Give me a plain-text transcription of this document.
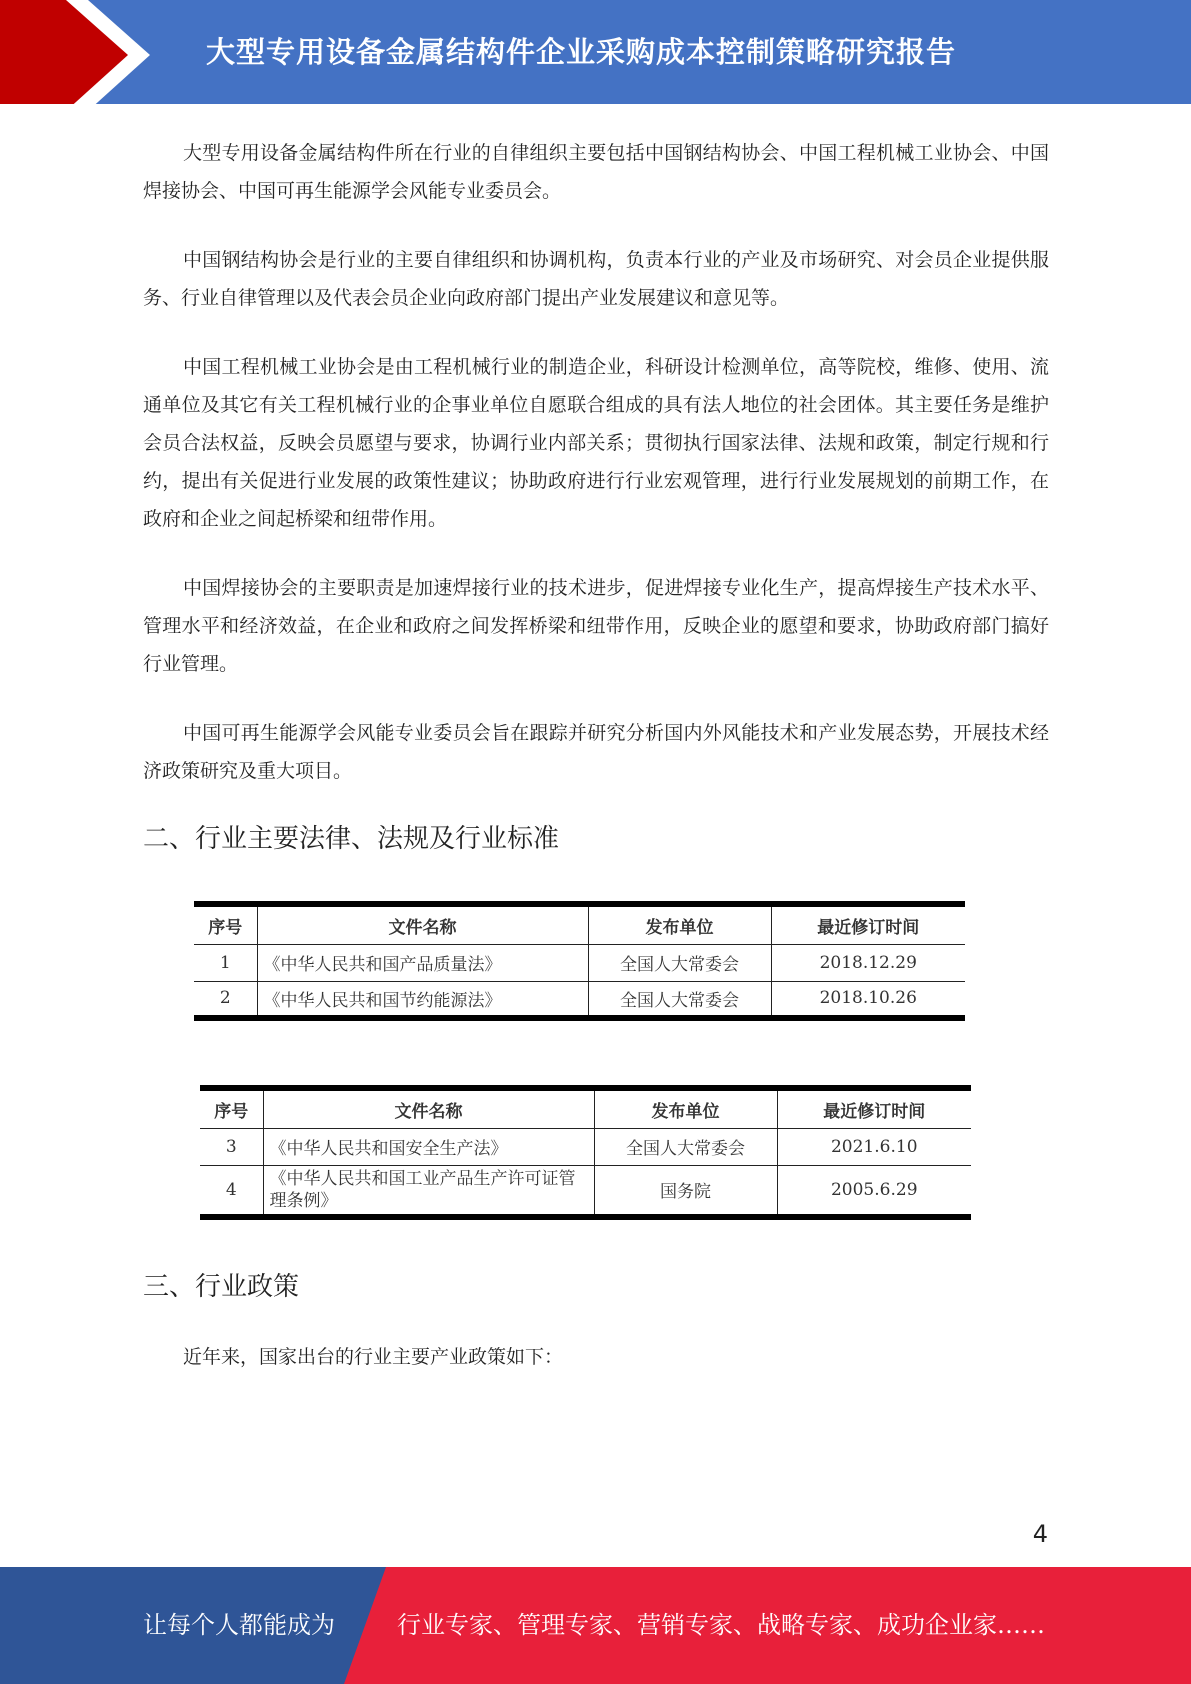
大型专用设备金属结构件企业采购成本控制策略研究报告

大型专用设备金属结构件所在行业的自律组织主要包括中国钢结构协会、中国工程机械工业协会、中国焊接协会、中国可再生能源学会风能专业委员会。

中国钢结构协会是行业的主要自律组织和协调机构，负责本行业的产业及市场研究、对会员企业提供服务、行业自律管理以及代表会员企业向政府部门提出产业发展建议和意见等。

中国工程机械工业协会是由工程机械行业的制造企业，科研设计检测单位，高等院校，维修、使用、流通单位及其它有关工程机械行业的企事业单位自愿联合组成的具有法人地位的社会团体。其主要任务是维护会员合法权益，反映会员愿望与要求，协调行业内部关系；贯彻执行国家法律、法规和政策，制定行规和行约，提出有关促进行业发展的政策性建议；协助政府进行行业宏观管理，进行行业发展规划的前期工作，在政府和企业之间起桥梁和纽带作用。

中国焊接协会的主要职责是加速焊接行业的技术进步，促进焊接专业化生产，提高焊接生产技术水平、管理水平和经济效益，在企业和政府之间发挥桥梁和纽带作用，反映企业的愿望和要求，协助政府部门搞好行业管理。

中国可再生能源学会风能专业委员会旨在跟踪并研究分析国内外风能技术和产业发展态势，开展技术经济政策研究及重大项目。

二、行业主要法律、法规及行业标准
序号	文件名称	发布单位	最近修订时间
1	《中华人民共和国产品质量法》	全国人大常委会	2018.12.29
2	《中华人民共和国节约能源法》	全国人大常委会	2018.10.26
序号	文件名称	发布单位	最近修订时间
3	《中华人民共和国安全生产法》	全国人大常委会	2021.6.10
4	《中华人民共和国工业产品生产许可证管理条例》	国务院	2005.6.29
三、行业政策

近年来，国家出台的行业主要产业政策如下：

4
让每个人都能成为	行业专家、管理专家、营销专家、战略专家、成功企业家……
